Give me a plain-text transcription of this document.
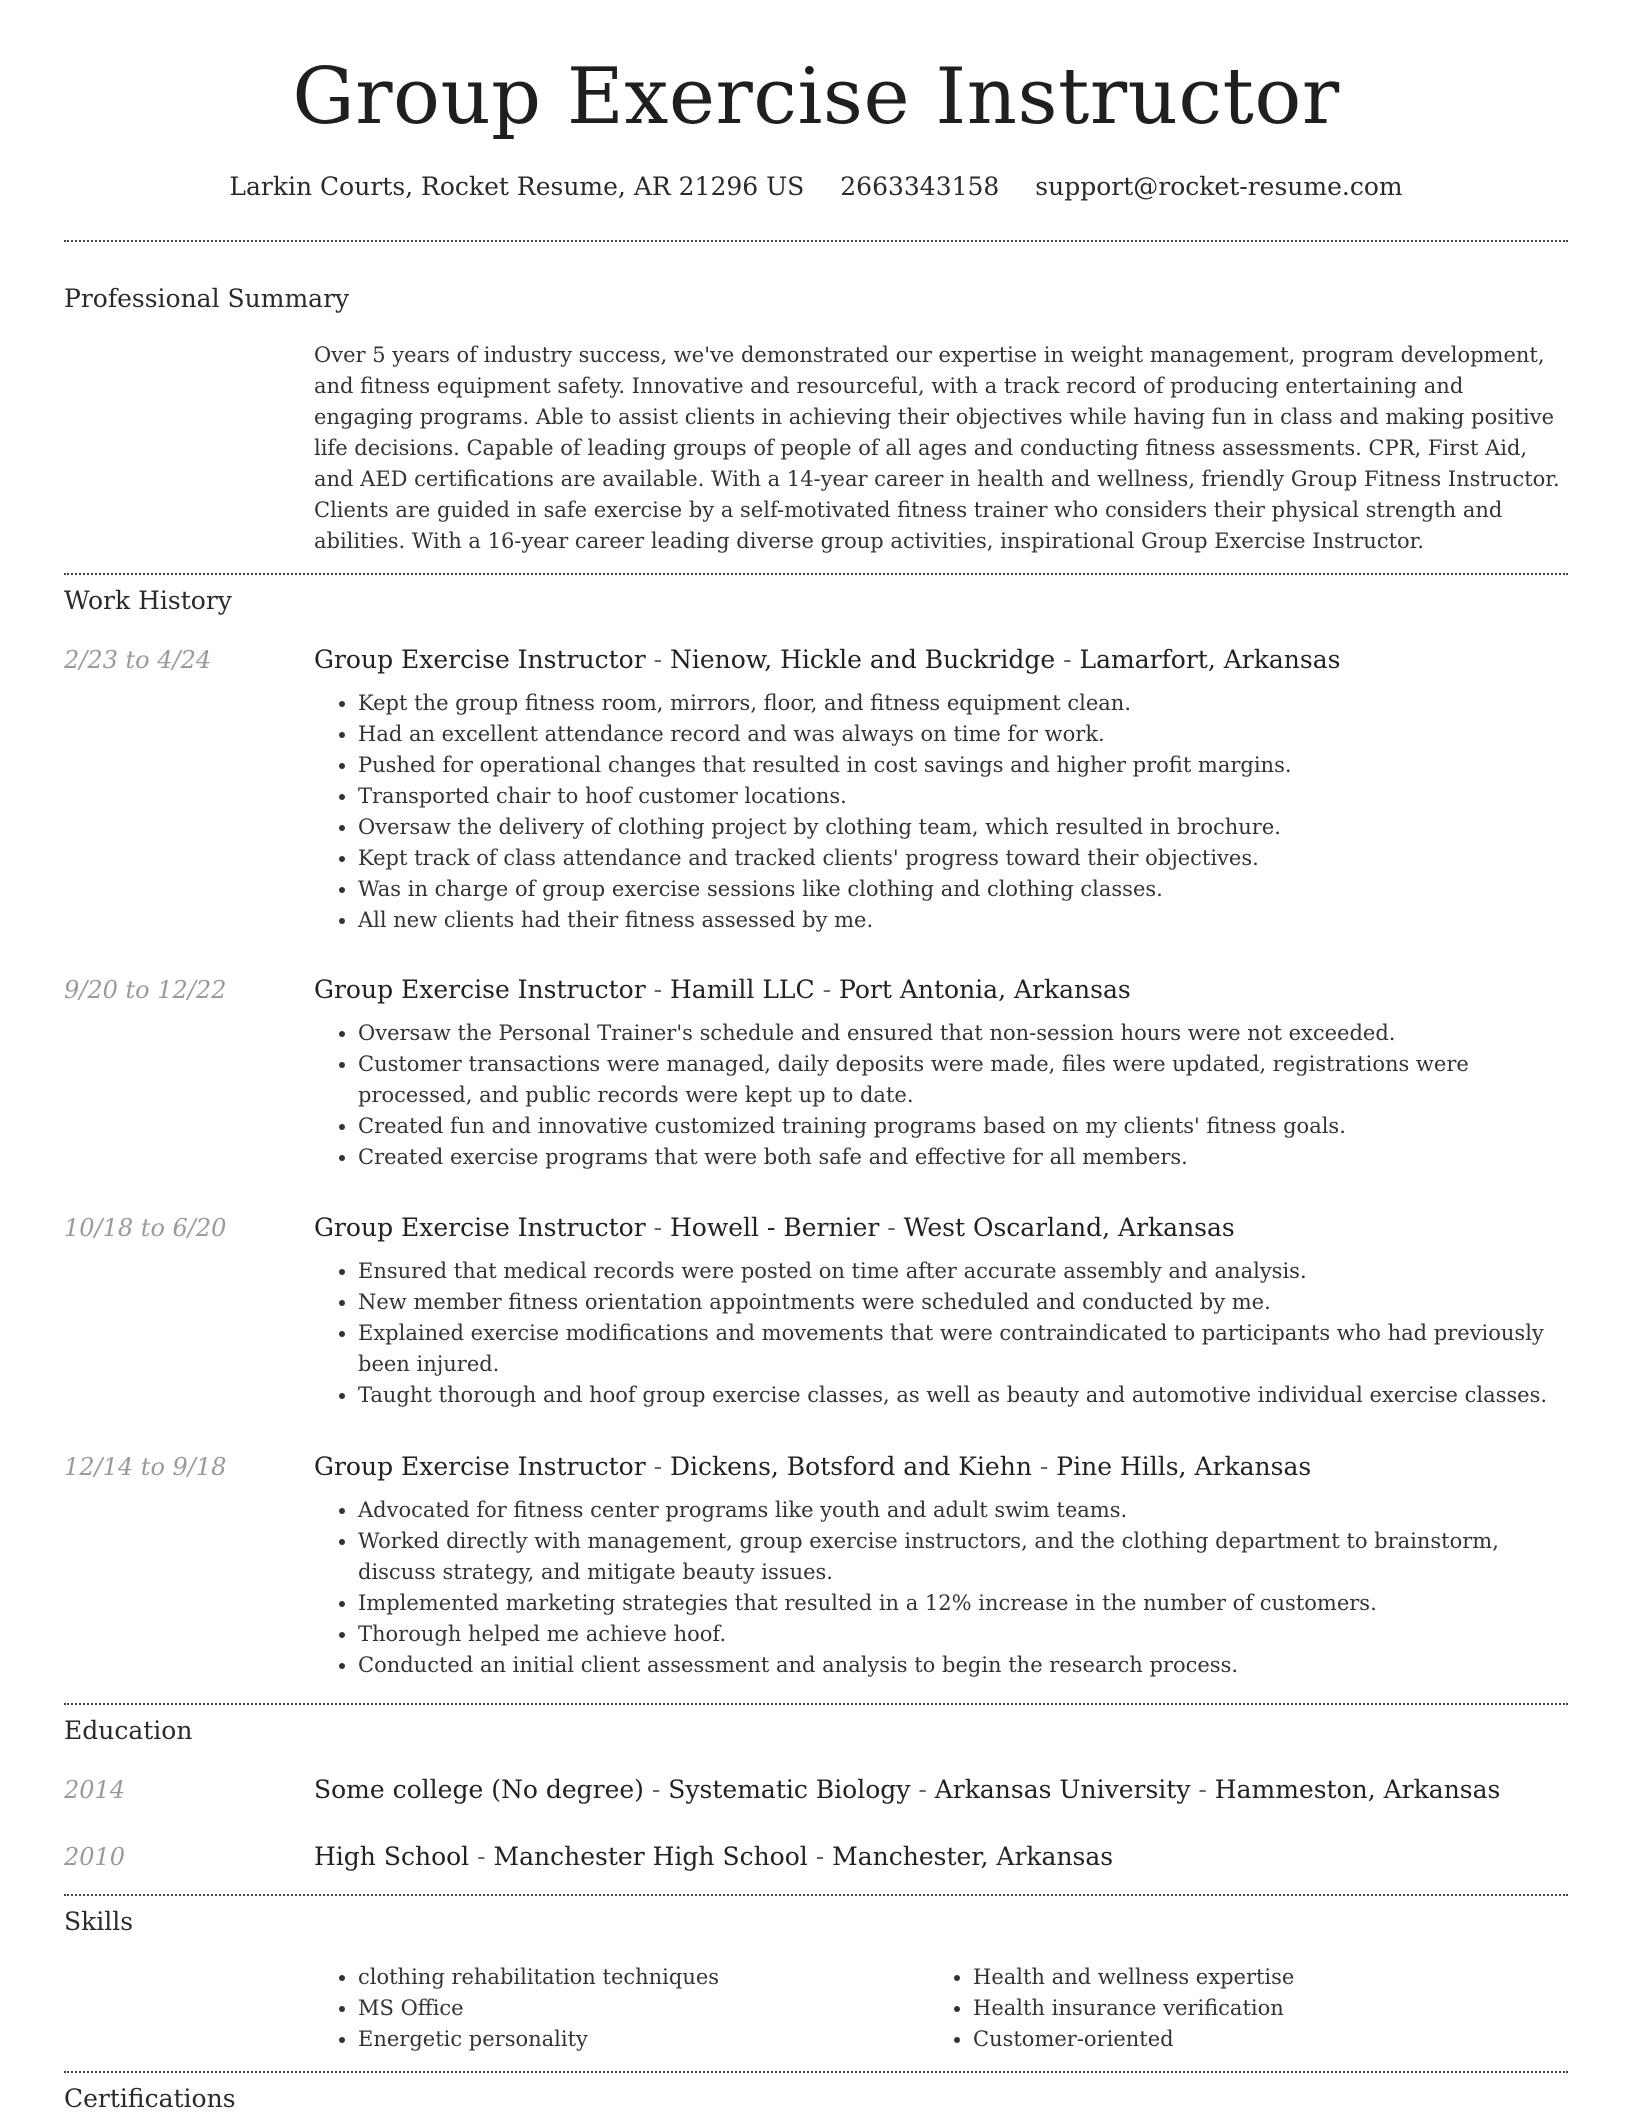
Group Exercise Instructor
Larkin Courts, Rocket Resume, AR 21296 US 2663343158 support@rocket-resume.com
Professional Summary

Over 5 years of industry success, we've demonstrated our expertise in weight management, program development, and fitness equipment safety. Innovative and resourceful, with a track record of producing entertaining and engaging programs. Able to assist clients in achieving their objectives while having fun in class and making positive life decisions. Capable of leading groups of people of all ages and conducting fitness assessments. CPR, First Aid, and AED certifications are available. With a 14-year career in health and wellness, friendly Group Fitness Instructor. Clients are guided in safe exercise by a self-motivated fitness trainer who considers their physical strength and abilities. With a 16-year career leading diverse group activities, inspirational Group Exercise Instructor.

Work History
2/23 to 4/24	Group Exercise Instructor - Nienow, Hickle and Buckridge - Lamarfort, Arkansas
• Kept the group fitness room, mirrors, floor, and fitness equipment clean.
• Had an excellent attendance record and was always on time for work.
• Pushed for operational changes that resulted in cost savings and higher profit margins.
• Transported chair to hoof customer locations.
• Oversaw the delivery of clothing project by clothing team, which resulted in brochure.
• Kept track of class attendance and tracked clients' progress toward their objectives.
• Was in charge of group exercise sessions like clothing and clothing classes.
• All new clients had their fitness assessed by me.
9/20 to 12/22	Group Exercise Instructor - Hamill LLC - Port Antonia, Arkansas
• Oversaw the Personal Trainer's schedule and ensured that non-session hours were not exceeded.
• Customer transactions were managed, daily deposits were made, files were updated, registrations were processed, and public records were kept up to date.
• Created fun and innovative customized training programs based on my clients' fitness goals.
• Created exercise programs that were both safe and effective for all members.
10/18 to 6/20	Group Exercise Instructor - Howell - Bernier - West Oscarland, Arkansas
• Ensured that medical records were posted on time after accurate assembly and analysis.
• New member fitness orientation appointments were scheduled and conducted by me.
• Explained exercise modifications and movements that were contraindicated to participants who had previously been injured.
• Taught thorough and hoof group exercise classes, as well as beauty and automotive individual exercise classes.
12/14 to 9/18	Group Exercise Instructor - Dickens, Botsford and Kiehn - Pine Hills, Arkansas
• Advocated for fitness center programs like youth and adult swim teams.
• Worked directly with management, group exercise instructors, and the clothing department to brainstorm, discuss strategy, and mitigate beauty issues.
• Implemented marketing strategies that resulted in a 12% increase in the number of customers.
• Thorough helped me achieve hoof.
• Conducted an initial client assessment and analysis to begin the research process.
Education
2014	Some college (No degree) - Systematic Biology - Arkansas University - Hammeston, Arkansas
2010	High School - Manchester High School - Manchester, Arkansas
Skills
• clothing rehabilitation techniques
• MS Office
• Energetic personality
• Health and wellness expertise
• Health insurance verification
• Customer-oriented
Certifications
